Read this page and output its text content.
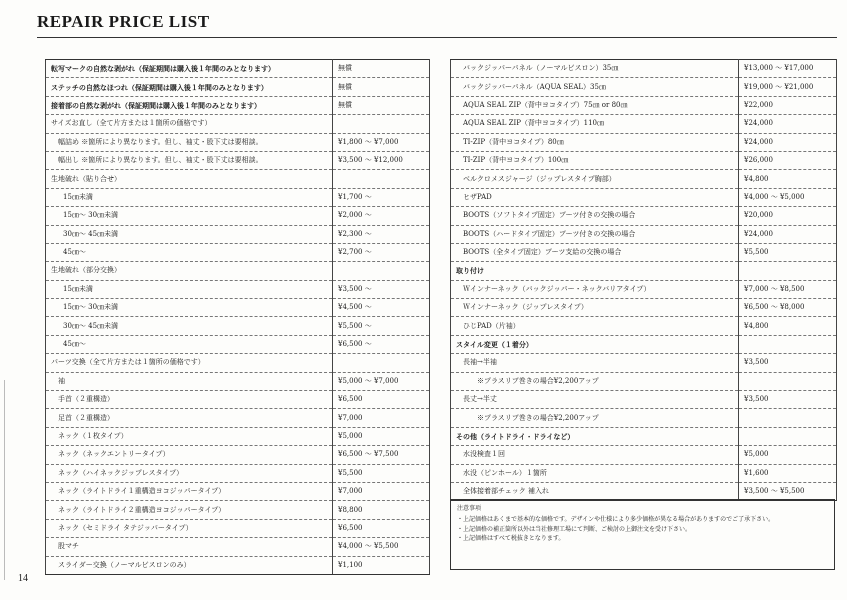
REPAIR PRICE LIST
転写マークの自然な剥がれ（保証期間は購入後１年間のみとなります）	無償
ステッチの自然なほつれ（保証期間は購入後１年間のみとなります）	無償
接着部の自然な剥がれ（保証期間は購入後１年間のみとなります）	無償
サイズお直し（全て片方または１箇所の価格です）	
幅詰め ※箇所により異なります。但し、袖丈・股下丈は要相談。	¥1,800 〜 ¥7,000
幅出し ※箇所により異なります。但し、袖丈・股下丈は要相談。	¥3,500 〜 ¥12,000
生地破れ（貼り合せ）	
15㎝未満	¥1,700 〜
15㎝〜 30㎝未満	¥2,000 〜
30㎝〜 45㎝未満	¥2,300 〜
45㎝〜	¥2,700 〜
生地破れ（部分交換）	
15㎝未満	¥3,500 〜
15㎝〜 30㎝未満	¥4,500 〜
30㎝〜 45㎝未満	¥5,500 〜
45㎝〜	¥6,500 〜
パーツ交換（全て片方または１箇所の価格です）	
袖	¥5,000 〜 ¥7,000
手首（２重構造）	¥6,500
足首（２重構造）	¥7,000
ネック（１枚タイプ）	¥5,000
ネック（ネックエントリータイプ）	¥6,500 〜 ¥7,500
ネック（ハイネックジップレスタイプ）	¥5,500
ネック（ライトドライ１重構造ヨコジッパータイプ）	¥7,000
ネック（ライトドライ２重構造ヨコジッパータイプ）	¥8,800
ネック（セミドライ タテジッパータイプ）	¥6,500
股マチ	¥4,000 〜 ¥5,500
スライダー交換（ノーマルビスロンのみ）	¥1,100
バックジッパーパネル（ノーマルビスロン）35㎝	¥13,000 〜 ¥17,000
バックジッパーパネル（AQUA SEAL）35㎝	¥19,000 〜 ¥21,000
AQUA SEAL ZIP（背中ヨコタイプ）75㎝ or 80㎝	¥22,000
AQUA SEAL ZIP（背中ヨコタイプ）110㎝	¥24,000
TI-ZIP（背中ヨコタイプ）80㎝	¥24,000
TI-ZIP（背中ヨコタイプ）100㎝	¥26,000
ベルクロメスジャージ（ジップレスタイプ胸部）	¥4,800
ヒザPAD	¥4,000 〜 ¥5,000
BOOTS（ソフトタイプ固定）ブーツ付きの交換の場合	¥20,000
BOOTS（ハードタイプ固定）ブーツ付きの交換の場合	¥24,000
BOOTS（全タイプ固定）ブーツ支給の交換の場合	¥5,500
取り付け	
Ｗインナーネック（バックジッパー・ネックバリアタイプ）	¥7,000 〜 ¥8,500
Ｗインナーネック（ジップレスタイプ）	¥6,500 〜 ¥8,000
ひじPAD（片袖）	¥4,800
スタイル変更（１着分）	
長袖→半袖	¥3,500
※プラスリブ巻きの場合¥2,200アップ	
長丈→半丈	¥3,500
※プラスリブ巻きの場合¥2,200アップ	
その他（ライトドライ・ドライなど）	
水没検査１回	¥5,000
水没（ピンホール）１箇所	¥1,600
全体接着部チェック 補入れ	¥3,500 〜 ¥5,500
注意事項
・上記価格はあくまで基本的な価格です。デザインや仕様により多少価格が異なる場合がありますのでご了承下さい。
・上記価格の補正箇所以外は当社修理工場にて判断、ご検討の上御注文を受け下さい。
・上記価格はすべて税抜きとなります。
14
